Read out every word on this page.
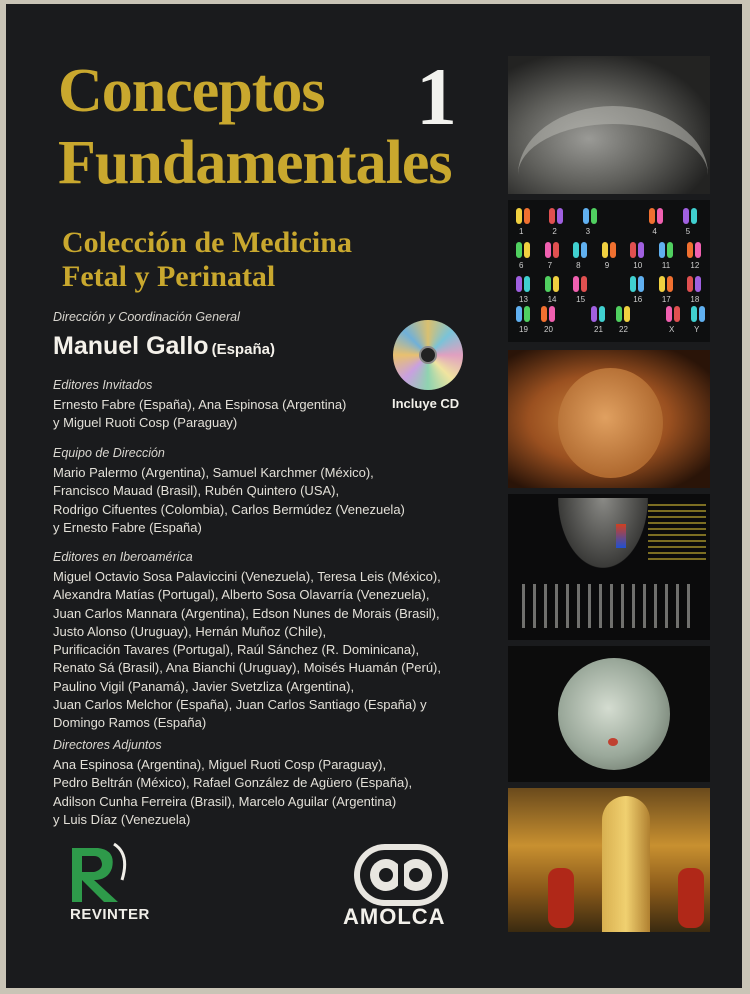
Conceptos
Fundamentales
1
Colección de Medicina
Fetal y Perinatal
Dirección y Coordinación General
Manuel Gallo (España)
Editores Invitados
Ernesto Fabre (España), Ana Espinosa (Argentina)
y Miguel Ruoti Cosp (Paraguay)
Equipo de Dirección
Mario Palermo (Argentina), Samuel Karchmer (México),
Francisco Mauad (Brasil), Rubén Quintero (USA),
Rodrigo Cifuentes (Colombia), Carlos Bermúdez (Venezuela)
y Ernesto Fabre (España)
Editores en Iberoamérica
Miguel Octavio Sosa Palaviccini (Venezuela), Teresa Leis (México),
Alexandra Matías (Portugal), Alberto Sosa Olavarría (Venezuela),
Juan Carlos Mannara (Argentina), Edson Nunes de Morais (Brasil),
Justo Alonso (Uruguay), Hernán Muñoz (Chile),
Purificación Tavares (Portugal), Raúl Sánchez (R. Dominicana),
Renato Sá (Brasil), Ana Bianchi (Uruguay), Moisés Huamán (Perú),
Paulino Vigil (Panamá), Javier Svetzliza (Argentina),
Juan Carlos Melchor (España), Juan Carlos Santiago (España) y
Domingo Ramos (España)
Directores Adjuntos
Ana Espinosa (Argentina), Miguel Ruoti Cosp (Paraguay),
Pedro Beltrán (México), Rafael González de Agüero (España),
Adilson Cunha Ferreira (Brasil), Marcelo Aguilar (Argentina)
y Luis Díaz (Venezuela)
Incluye CD
1	2	3	4	5
6	7	8	9	10 11	12
13 14 15	16 17 18
19 20	21 22	X Y
REVINTER	AMOLCA
